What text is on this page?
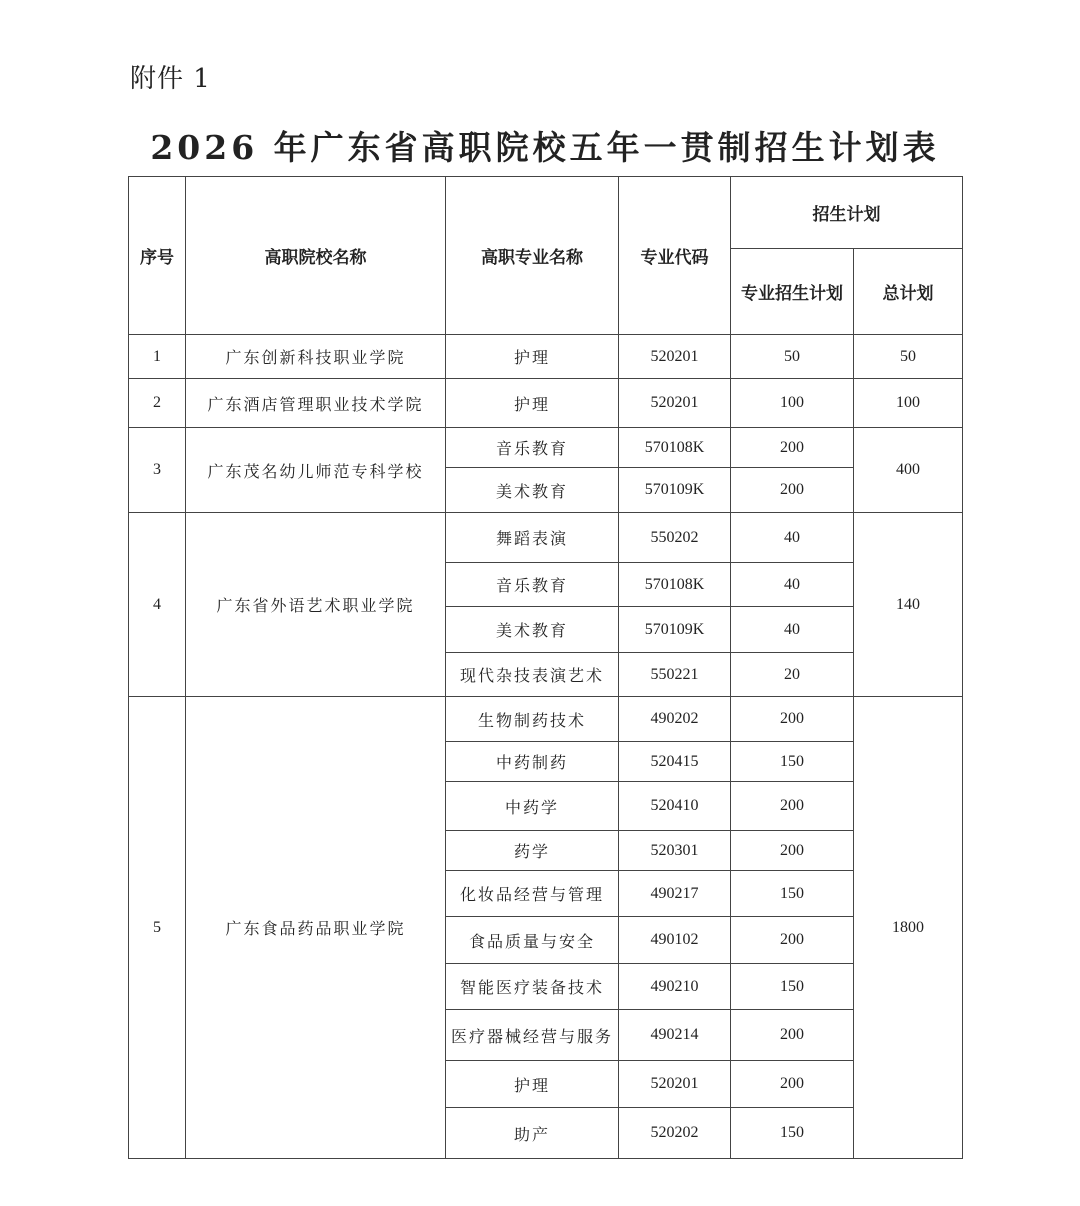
附件 1
2026 年广东省高职院校五年一贯制招生计划表
序号	高职院校名称	高职专业名称	专业代码	招生计划	
				专业招生计划	总计划
1	广东创新科技职业学院	护理	520201	50	50
2	广东酒店管理职业技术学院	护理	520201	100	100
3	广东茂名幼儿师范专科学校	音乐教育	570108K	200	400
		美术教育	570109K	200	
4	广东省外语艺术职业学院	舞蹈表演	550202	40	140
		音乐教育	570108K	40	
		美术教育	570109K	40	
		现代杂技表演艺术	550221	20	
5	广东食品药品职业学院	生物制药技术	490202	200	1800
		中药制药	520415	150	
		中药学	520410	200	
		药学	520301	200	
		化妆品经营与管理	490217	150	
		食品质量与安全	490102	200	
		智能医疗装备技术	490210	150	
		医疗器械经营与服务	490214	200	
		护理	520201	200	
		助产	520202	150	
